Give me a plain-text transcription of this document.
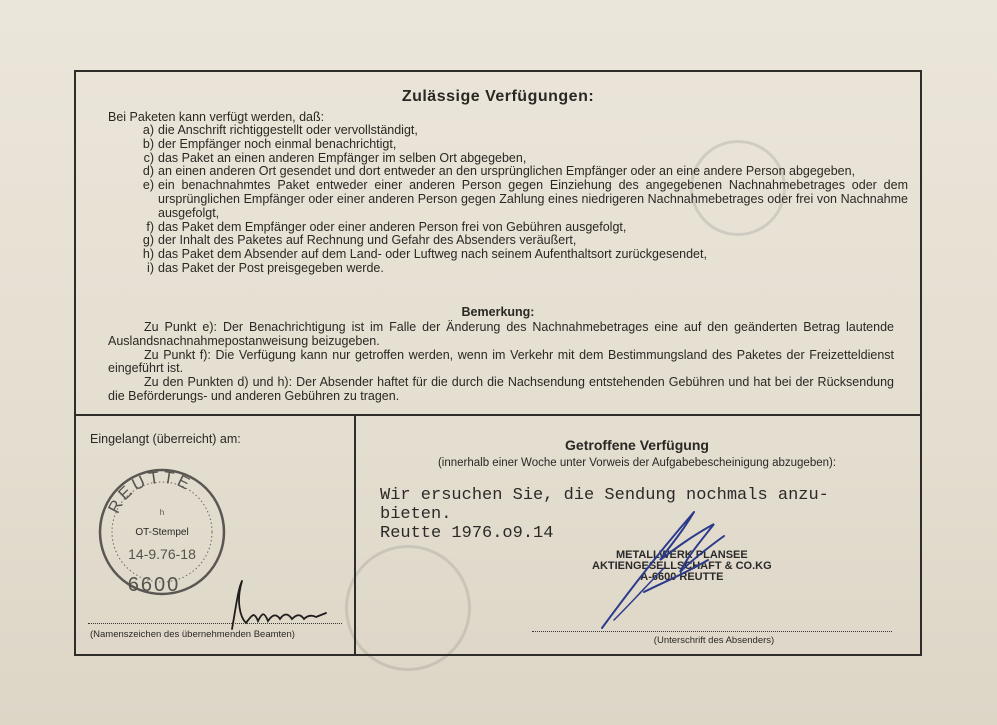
Zulässige Verfügungen:
Bei Paketen kann verfügt werden, daß:
a) die Anschrift richtiggestellt oder vervollständigt,
b) der Empfänger noch einmal benachrichtigt,
c) das Paket an einen anderen Empfänger im selben Ort abgegeben,
d) an einen anderen Ort gesendet und dort entweder an den ursprünglichen Empfänger oder an eine andere Person abgegeben,
e) ein benachnahmtes Paket entweder einer anderen Person gegen Einziehung des angegebenen Nachnahmebetrages oder dem ursprünglichen Empfänger oder einer anderen Person gegen Zahlung eines niedrigeren Nachnahmebetrages oder frei von Nachnahme ausgefolgt,
f) das Paket dem Empfänger oder einer anderen Person frei von Gebühren ausgefolgt,
g) der Inhalt des Paketes auf Rechnung und Gefahr des Absenders veräußert,
h) das Paket dem Absender auf dem Land- oder Luftweg nach seinem Aufenthaltsort zurückgesendet,
i) das Paket der Post preisgegeben werde.
Bemerkung:
Zu Punkt e): Der Benachrichtigung ist im Falle der Änderung des Nachnahmebetrages eine auf den geänderten Betrag lautende Auslandsnachnahmepostanweisung beizugeben.
Zu Punkt f): Die Verfügung kann nur getroffen werden, wenn im Verkehr mit dem Bestimmungsland des Paketes der Freizetteldienst eingeführt ist.
Zu den Punkten d) und h): Der Absender haftet für die durch die Nachsendung entstehenden Gebühren und hat bei der Rücksendung die Beförderungs- und anderen Gebühren zu tragen.
Eingelangt (überreicht) am:
REUTTE
h
OT-Stempel
14-9.76-18
6600
(Namenszeichen des übernehmenden Beamten)
Getroffene Verfügung
(innerhalb einer Woche unter Vorweis der Aufgabebescheinigung abzugeben):
Wir ersuchen Sie, die Sendung nochmals anzu-
bieten.
Reutte 1976.o9.14
METALLWERK PLANSEE
AKTIENGESELLSCHAFT & CO.KG
A-6600 REUTTE
(Unterschrift des Absenders)
